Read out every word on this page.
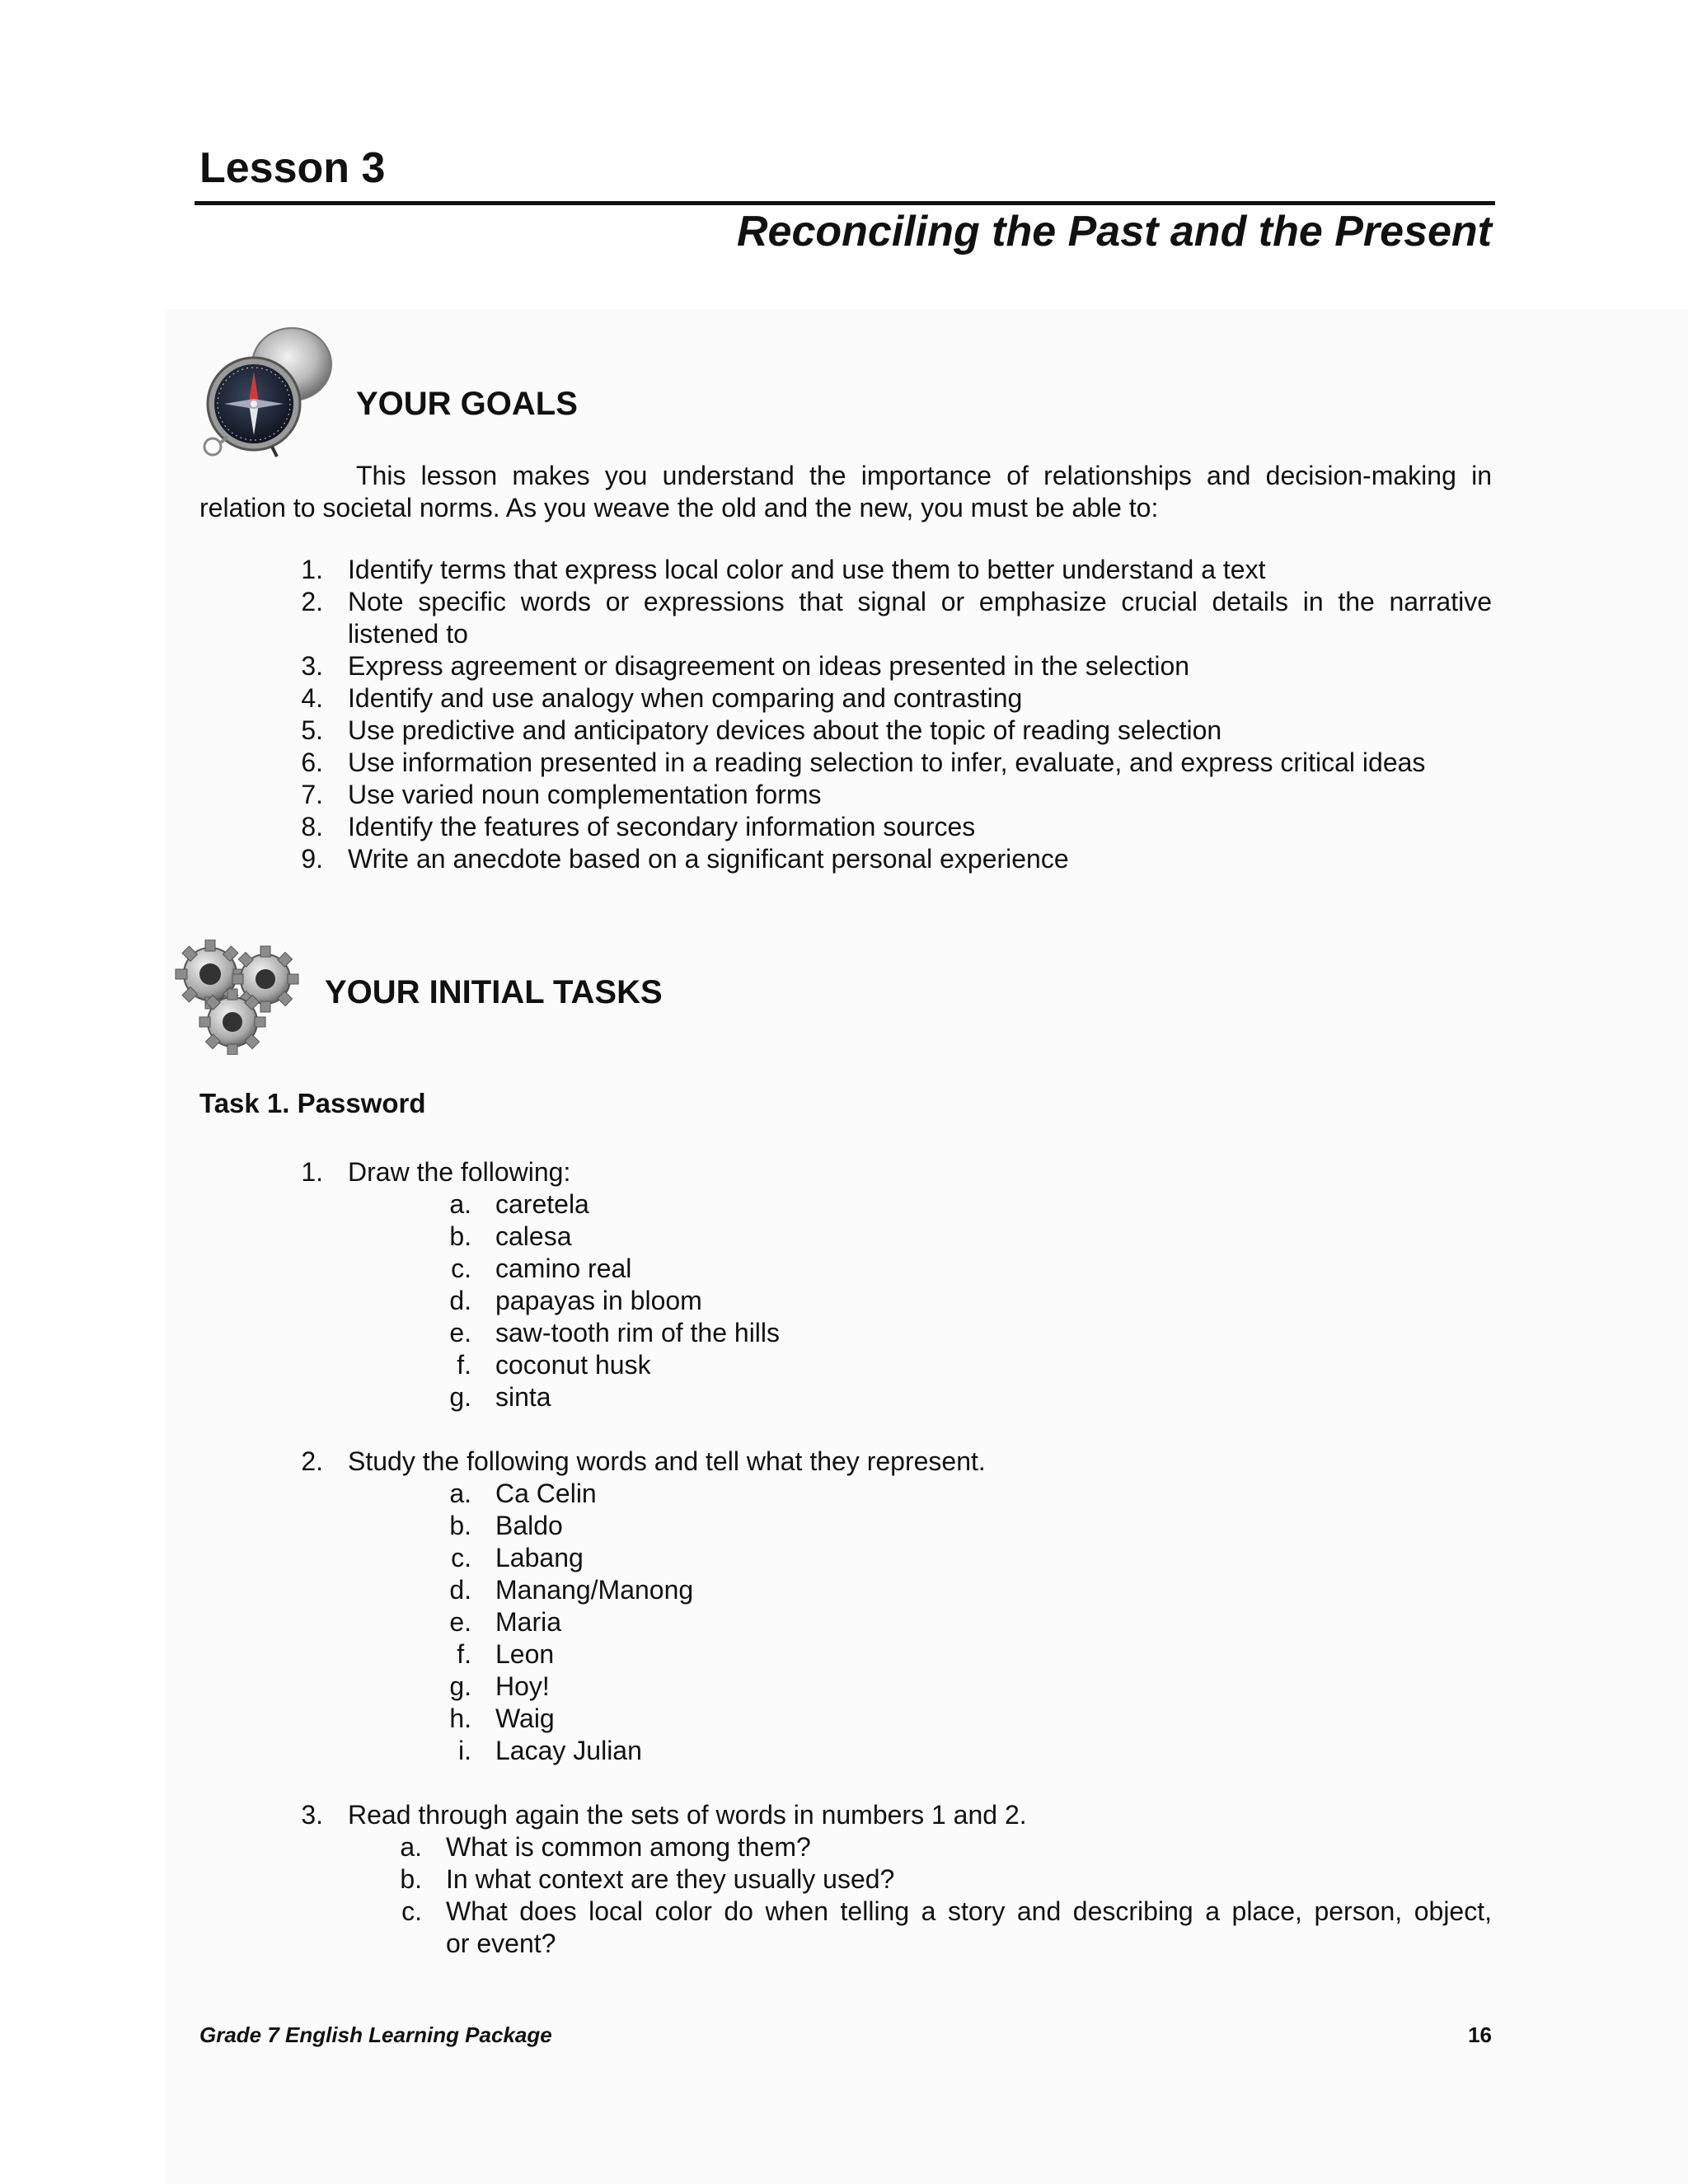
Lesson 3
Reconciling the Past and the Present
YOUR GOALS
This lesson makes you understand the importance of relationships and decision-making in relation to societal norms. As you weave the old and the new, you must be able to:
1. Identify terms that express local color and use them to better understand a text
2. Note specific words or expressions that signal or emphasize crucial details in the narrative
listened to
3. Express agreement or disagreement on ideas presented in the selection
4. Identify and use analogy when comparing and contrasting
5. Use predictive and anticipatory devices about the topic of reading selection
6. Use information presented in a reading selection to infer, evaluate, and express critical ideas
7. Use varied noun complementation forms
8. Identify the features of secondary information sources
9. Write an anecdote based on a significant personal experience
YOUR INITIAL TASKS
Task 1. Password
1. Draw the following:
a. caretela
b. calesa
c. camino real
d. papayas in bloom
e. saw-tooth rim of the hills
f. coconut husk
g. sinta
2. Study the following words and tell what they represent.
a. Ca Celin
b. Baldo
c. Labang
d. Manang/Manong
e. Maria
f. Leon
g. Hoy!
h. Waig
i. Lacay Julian
3. Read through again the sets of words in numbers 1 and 2.
a. What is common among them?
b. In what context are they usually used?
c. What does local color do when telling a story and describing a place, person, object,
or event?
Grade 7 English Learning Package	16
